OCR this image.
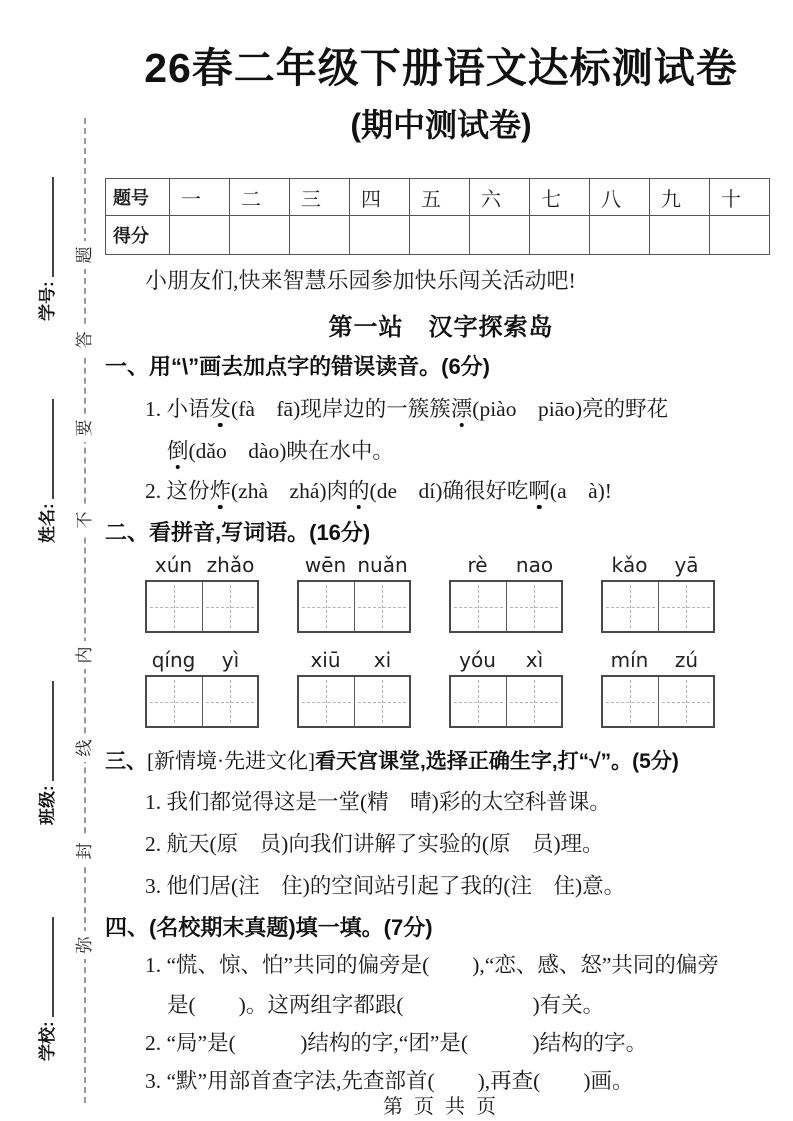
题
答
要
不
内
线
封
弥
学号:
姓名:
班级:
学校:
26春二年级下册语文达标测试卷
(期中测试卷)
题号	一	二	三	四	五	六	七	八	九	十
得分										

小朋友们,快来智慧乐园参加快乐闯关活动吧!

第一站　汉字探索岛
一、用“\”画去加点字的错误读音。(6分)

1. 小语发(fà　fā)现岸边的一簇簇漂(piào　piāo)亮的野花

倒(dǎo　dào)映在水中。

2. 这份炸(zhà　zhá)肉的(de　dí)确很好吃啊(a　à)!

二、看拼音,写词语。(16分)
xún zhǎo	wēn nuǎn	rè	nao	kǎo	yā
qíng	yì	xiū	xi	yóu	xì	mín	zú
三、[新情境·先进文化]看天宫课堂,选择正确生字,打“√”。(5分)

1. 我们都觉得这是一堂(精　晴)彩的太空科普课。

2. 航天(原　员)向我们讲解了实验的(原　员)理。

3. 他们居(注　住)的空间站引起了我的(注　住)意。

四、(名校期末真题)填一填。(7分)

1. “慌、惊、怕”共同的偏旁是(　　),“恋、感、怒”共同的偏旁

是(　　)。这两组字都跟(　　　　　　)有关。

2. “局”是(　　　)结构的字,“团”是(　　　)结构的字。

3. “默”用部首查字法,先查部首(　　),再查(　　)画。

第 页 共 页
